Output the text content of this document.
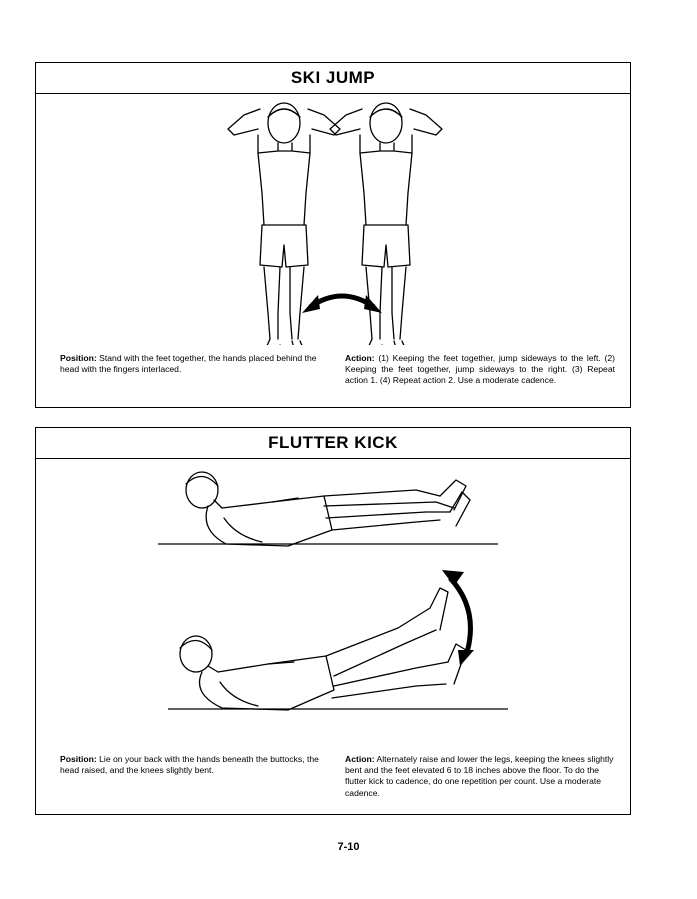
SKI JUMP
Position: Stand with the feet together, the hands placed behind the head with the fingers interlaced.
Action: (1) Keeping the feet together, jump sideways to the left. (2) Keeping the feet together, jump sideways to the right. (3) Repeat action 1. (4) Repeat action 2. Use a moderate cadence.
FLUTTER KICK
Position: Lie on your back with the hands beneath the buttocks, the head raised, and the knees slightly bent.
Action: Alternately raise and lower the legs, keeping the knees slightly bent and the feet elevated 6 to 18 inches above the floor. To do the flutter kick to cadence, do one repetition per count. Use a moderate cadence.
7-10
